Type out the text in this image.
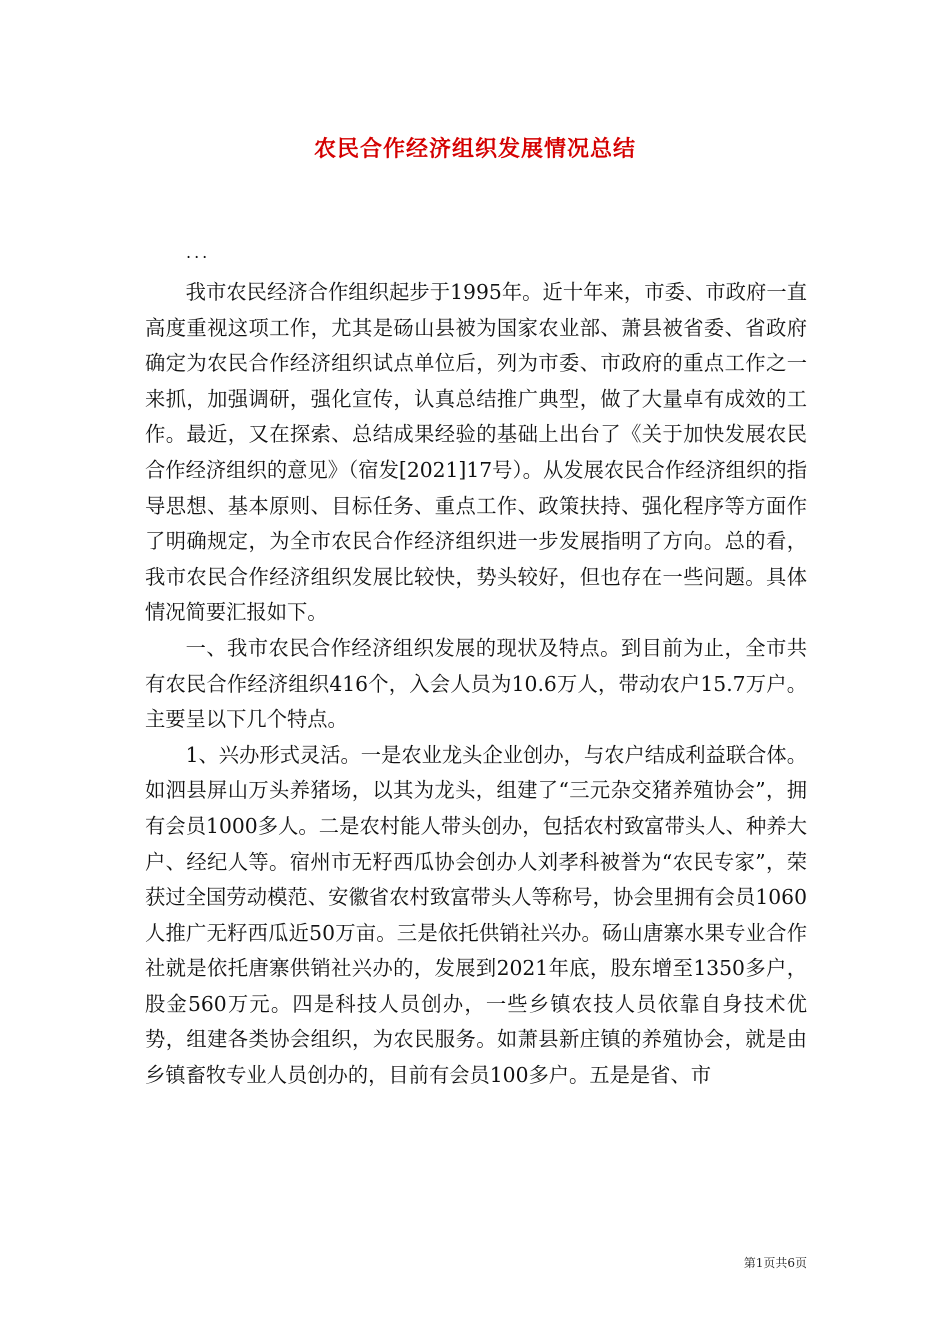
农民合作经济组织发展情况总结
...

我市农民经济合作组织起步于1995年。近十年来，市委、市政府一直高度重视这项工作，尤其是砀山县被为国家农业部、萧县被省委、省政府确定为农民合作经济组织试点单位后，列为市委、市政府的重点工作之一来抓，加强调研，强化宣传，认真总结推广典型，做了大量卓有成效的工作。最近，又在探索、总结成果经验的基础上出台了《关于加快发展农民合作经济组织的意见》（宿发[2021]17号）。从发展农民合作经济组织的指导思想、基本原则、目标任务、重点工作、政策扶持、强化程序等方面作了明确规定，为全市农民合作经济组织进一步发展指明了方向。总的看，我市农民合作经济组织发展比较快，势头较好，但也存在一些问题。具体情况简要汇报如下。

一、我市农民合作经济组织发展的现状及特点。到目前为止，全市共有农民合作经济组织416个，入会人员为10.6万人，带动农户15.7万户。主要呈以下几个特点。

1、兴办形式灵活。一是农业龙头企业创办，与农户结成利益联合体。如泗县屏山万头养猪场，以其为龙头，组建了“三元杂交猪养殖协会”，拥有会员1000多人。二是农村能人带头创办，包括农村致富带头人、种养大户、经纪人等。宿州市无籽西瓜协会创办人刘孝科被誉为“农民专家”，荣获过全国劳动模范、安徽省农村致富带头人等称号，协会里拥有会员1060人推广无籽西瓜近50万亩。三是依托供销社兴办。砀山唐寨水果专业合作社就是依托唐寨供销社兴办的，发展到2021年底，股东增至1350多户，股金560万元。四是科技人员创办，一些乡镇农技人员依靠自身技术优势，组建各类协会组织，为农民服务。如萧县新庄镇的养殖协会，就是由乡镇畜牧专业人员创办的，目前有会员100多户。五是是省、市

第1页共6页
